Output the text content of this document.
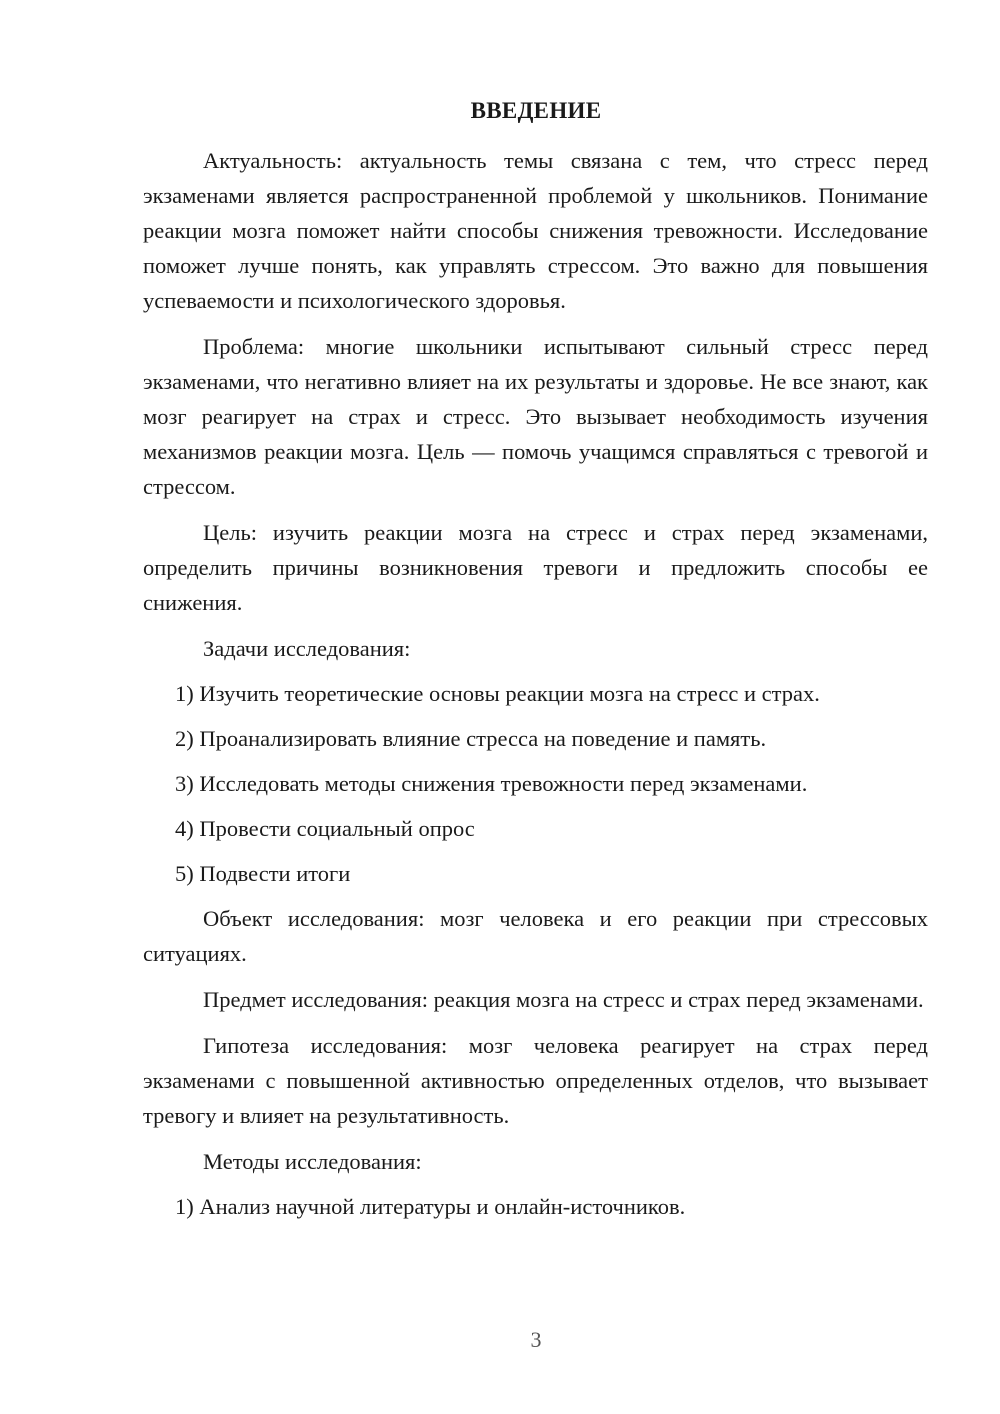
ВВЕДЕНИЕ

Актуальность: актуальность темы связана с тем, что стресс перед экзаменами является распространенной проблемой у школьников. Понимание реакции мозга поможет найти способы снижения тревожности. Исследование поможет лучше понять, как управлять стрессом. Это важно для повышения успеваемости и психологического здоровья.

Проблема: многие школьники испытывают сильный стресс перед экзаменами, что негативно влияет на их результаты и здоровье. Не все знают, как мозг реагирует на страх и стресс. Это вызывает необходимость изучения механизмов реакции мозга. Цель — помочь учащимся справляться с тревогой и стрессом.

Цель: изучить реакции мозга на стресс и страх перед экзаменами, определить причины возникновения тревоги и предложить способы ее снижения.

Задачи исследования:

1) Изучить теоретические основы реакции мозга на стресс и страх.

2) Проанализировать влияние стресса на поведение и память.

3) Исследовать методы снижения тревожности перед экзаменами.

4) Провести социальный опрос

5) Подвести итоги

Объект исследования: мозг человека и его реакции при стрессовых ситуациях.

Предмет исследования: реакция мозга на стресс и страх перед экзаменами.

Гипотеза исследования: мозг человека реагирует на страх перед экзаменами с повышенной активностью определенных отделов, что вызывает тревогу и влияет на результативность.

Методы исследования:

1) Анализ научной литературы и онлайн-источников.

3
